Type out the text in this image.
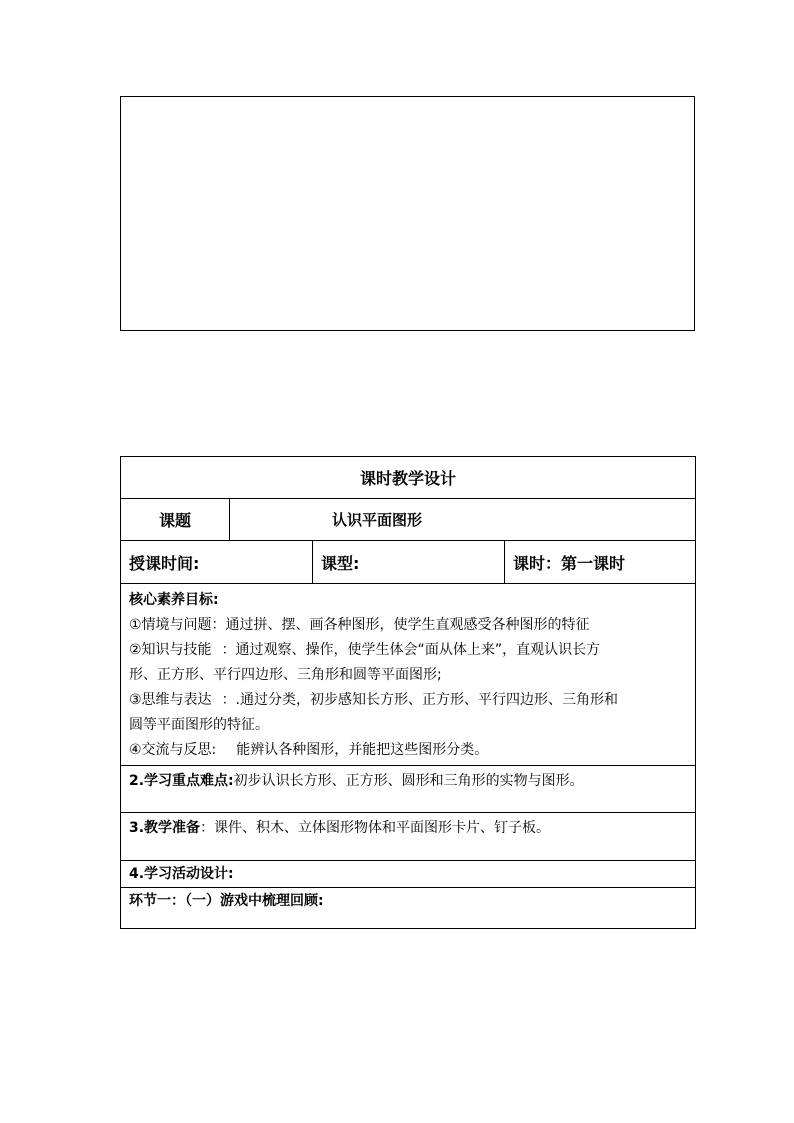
课时教学设计
课题	认识平面图形
授课时间:	课型:	课时：第一课时

核心素养目标:

①情境与问题：通过拼、摆、画各种图形，使学生直观感受各种图形的特征

②知识与技能 ：通过观察、操作，使学生体会“面从体上来”，直观认识长方

形、正方形、平行四边形、三角形和圆等平面图形;

③思维与表达 ：.通过分类，初步感知长方形、正方形、平行四边形、三角形和

圆等平面图形的特征。

④交流与反思: 能辨认各种图形，并能把这些图形分类。

2.学习重点难点:初步认识长方形、正方形、圆形和三角形的实物与图形。
3.教学准备：课件、积木、立体图形物体和平面图形卡片、钉子板。
4.学习活动设计:
环节一：（一）游戏中梳理回顾:
